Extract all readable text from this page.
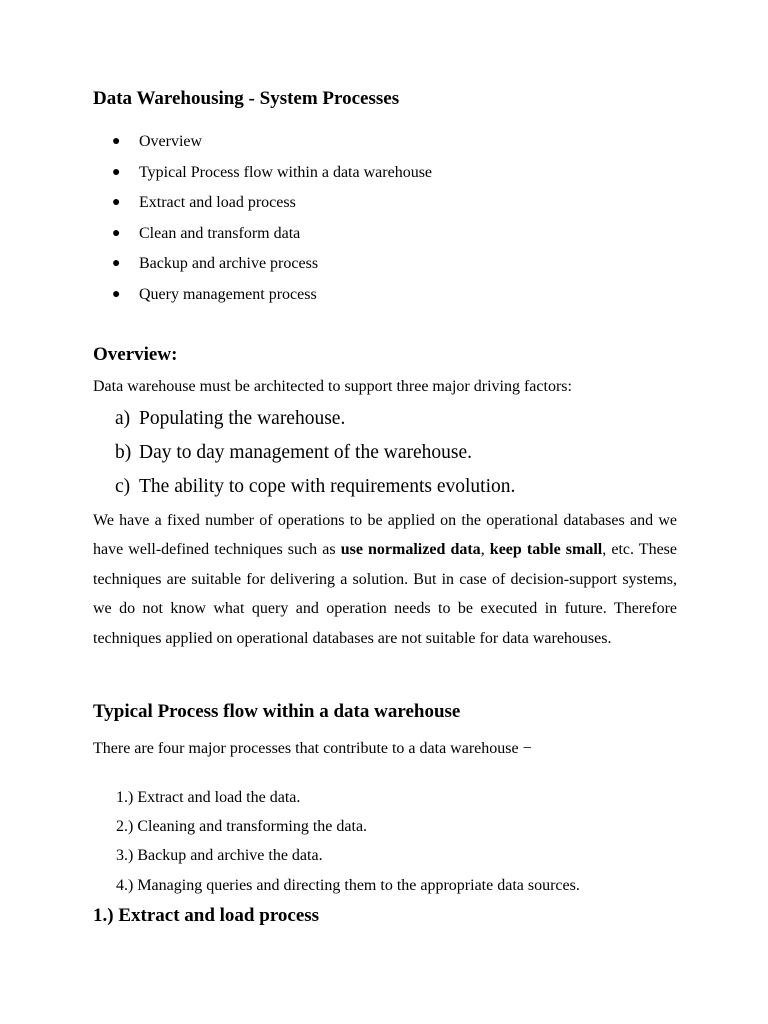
Data Warehousing - System Processes
● Overview
● Typical Process flow within a data warehouse
● Extract and load process
● Clean and transform data
● Backup and archive process
● Query management process
Overview:

Data warehouse must be architected to support three major driving factors:

a) Populating the warehouse.
b) Day to day management of the warehouse.
c) The ability to cope with requirements evolution.

We have a fixed number of operations to be applied on the operational databases and we have well-defined techniques such as use normalized data, keep table small, etc. These techniques are suitable for delivering a solution. But in case of decision-support systems, we do not know what query and operation needs to be executed in future. Therefore techniques applied on operational databases are not suitable for data warehouses.

Typical Process flow within a data warehouse

There are four major processes that contribute to a data warehouse −

1.) Extract and load the data.
2.) Cleaning and transforming the data.
3.) Backup and archive the data.
4.) Managing queries and directing them to the appropriate data sources.
1.) Extract and load process
